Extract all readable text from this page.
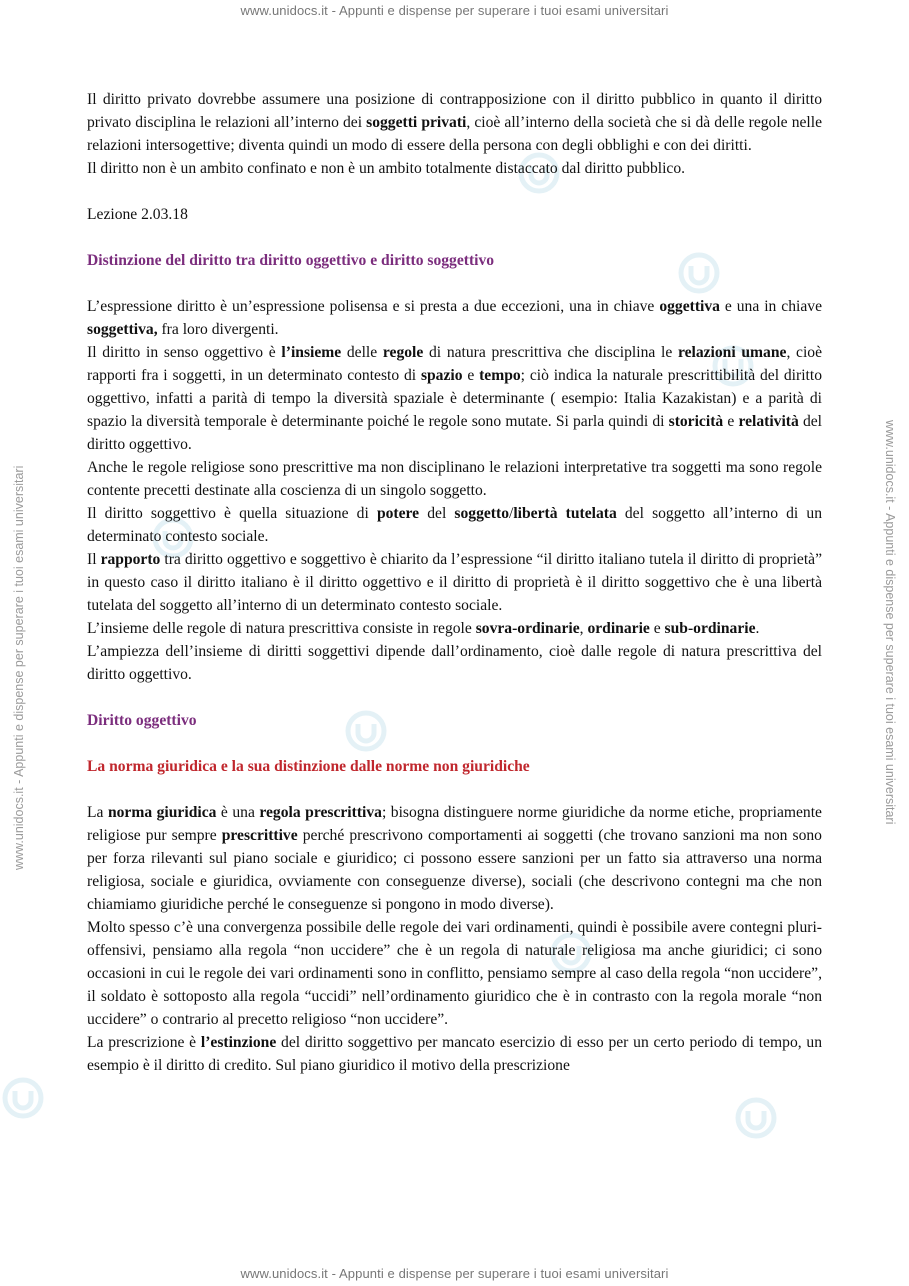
www.unidocs.it - Appunti e dispense per superare i tuoi esami universitari
www.unidocs.it - Appunti e dispense per superare i tuoi esami universitari
www.unidocs.it - Appunti e dispense per superare i tuoi esami universitari	www.unidocs.it - Appunti e dispense per superare i tuoi esami universitari

Il diritto privato dovrebbe assumere una posizione di contrapposizione con il diritto pubblico in quanto il diritto privato disciplina le relazioni all’interno dei soggetti privati, cioè all’interno della società che si dà delle regole nelle relazioni intersogettive; diventa quindi un modo di essere della persona con degli obblighi e con dei diritti.

Il diritto non è un ambito confinato e non è un ambito totalmente distaccato dal diritto pubblico.

Lezione 2.03.18

Distinzione del diritto tra diritto oggettivo e diritto soggettivo

L’espressione diritto è un’espressione polisensa e si presta a due eccezioni, una in chiave oggettiva e una in chiave soggettiva, fra loro divergenti.

Il diritto in senso oggettivo è l’insieme delle regole di natura prescrittiva che disciplina le relazioni umane, cioè rapporti fra i soggetti, in un determinato contesto di spazio e tempo; ciò indica la naturale prescrittibilità del diritto oggettivo, infatti a parità di tempo la diversità spaziale è determinante ( esempio: Italia Kazakistan) e a parità di spazio la diversità temporale è determinante poiché le regole sono mutate. Si parla quindi di storicità e relatività del diritto oggettivo.

Anche le regole religiose sono prescrittive ma non disciplinano le relazioni interpretative tra soggetti ma sono regole contente precetti destinate alla coscienza di un singolo soggetto.

Il diritto soggettivo è quella situazione di potere del soggetto/libertà tutelata del soggetto all’interno di un determinato contesto sociale.

Il rapporto tra diritto oggettivo e soggettivo è chiarito da l’espressione “il diritto italiano tutela il diritto di proprietà” in questo caso il diritto italiano è il diritto oggettivo e il diritto di proprietà è il diritto soggettivo che è una libertà tutelata del soggetto all’interno di un determinato contesto sociale.

L’insieme delle regole di natura prescrittiva consiste in regole sovra-ordinarie, ordinarie e sub-ordinarie.

L’ampiezza dell’insieme di diritti soggettivi dipende dall’ordinamento, cioè dalle regole di natura prescrittiva del diritto oggettivo.

Diritto oggettivo

La norma giuridica e la sua distinzione dalle norme non giuridiche

La norma giuridica è una regola prescrittiva; bisogna distinguere norme giuridiche da norme etiche, propriamente religiose pur sempre prescrittive perché prescrivono comportamenti ai soggetti (che trovano sanzioni ma non sono per forza rilevanti sul piano sociale e giuridico; ci possono essere sanzioni per un fatto sia attraverso una norma religiosa, sociale e giuridica, ovviamente con conseguenze diverse), sociali (che descrivono contegni ma che non chiamiamo giuridiche perché le conseguenze si pongono in modo diverse).

Molto spesso c’è una convergenza possibile delle regole dei vari ordinamenti, quindi è possibile avere contegni pluri-offensivi, pensiamo alla regola “non uccidere” che è un regola di naturale religiosa ma anche giuridici; ci sono occasioni in cui le regole dei vari ordinamenti sono in conflitto, pensiamo sempre al caso della regola “non uccidere”, il soldato è sottoposto alla regola “uccidi” nell’ordinamento giuridico che è in contrasto con la regola morale “non uccidere” o contrario al precetto religioso “non uccidere”.

La prescrizione è l’estinzione del diritto soggettivo per mancato esercizio di esso per un certo periodo di tempo, un esempio è il diritto di credito. Sul piano giuridico il motivo della prescrizione
